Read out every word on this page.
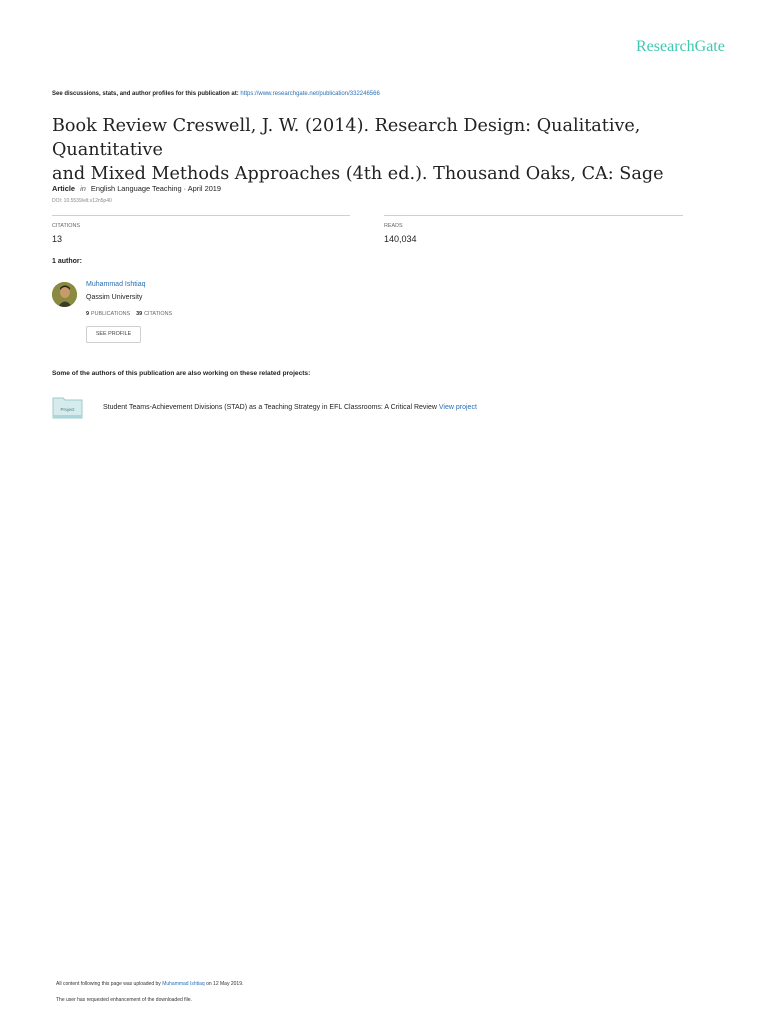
ResearchGate
See discussions, stats, and author profiles for this publication at: https://www.researchgate.net/publication/332246566
Book Review Creswell, J. W. (2014). Research Design: Qualitative, Quantitative
and Mixed Methods Approaches (4th ed.). Thousand Oaks, CA: Sage
Article in English Language Teaching · April 2019
DOI: 10.5539/elt.v12n5p40
CITATIONS
13
READS
140,034
1 author:
Muhammad Ishtiaq
Qassim University
9 PUBLICATIONS 39 CITATIONS
SEE PROFILE
Some of the authors of this publication are also working on these related projects:
Project	Student Teams-Achievement Divisions (STAD) as a Teaching Strategy in EFL Classrooms: A Critical Review View project
All content following this page was uploaded by Muhammad Ishtiaq on 12 May 2019.
The user has requested enhancement of the downloaded file.
